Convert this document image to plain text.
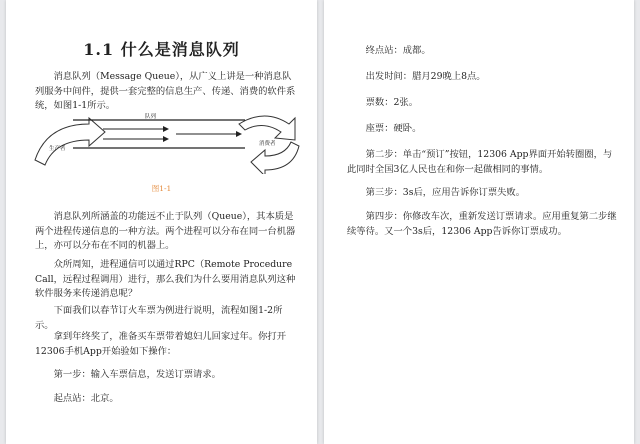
1.1 什么是消息队列

消息队列（Message Queue），从广义上讲是一种消息队列服务中间件，提供一套完整的信息生产、传递、消费的软件系统，如图1-1所示。

生产者
队列
消费者
图1-1

消息队列所涵盖的功能远不止于队列（Queue），其本质是两个进程传递信息的一种方法。两个进程可以分布在同一台机器上，亦可以分布在不同的机器上。

众所周知，进程通信可以通过RPC（Remote Procedure Call，远程过程调用）进行，那么我们为什么要用消息队列这种软件服务来传递消息呢？

下面我们以春节订火车票为例进行说明，流程如图1-2所示。

拿到年终奖了，准备买车票带着媳妇儿回家过年。你打开12306手机App开始验如下操作：

第一步：输入车票信息，发送订票请求。

起点站：北京。

终点站：成都。

出发时间：腊月29晚上8点。

票数：2张。

座票：硬卧。

第二步：单击“预订”按钮，12306 App界面开始转圈圈，与此同时全国3亿人民也在和你一起做相同的事情。

第三步：3s后，应用告诉你订票失败。

第四步：你修改车次，重新发送订票请求。应用重复第二步继续等待。又一个3s后，12306 App告诉你订票成功。
